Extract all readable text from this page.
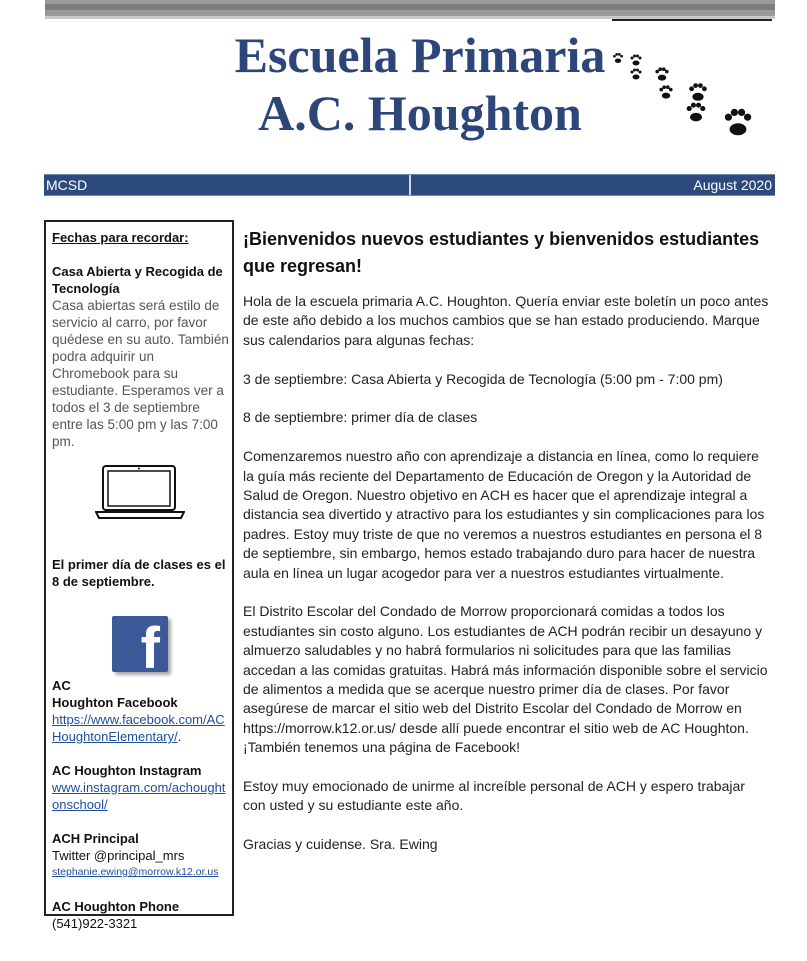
Escuela Primaria
A.C. Houghton
MCSD	August 2020
Fechas para recordar:
Casa Abierta y Recogida de Tecnología
Casa abiertas será estilo de servicio al carro, por favor quédese en su auto. También podra adquirir un Chromebook para su estudiante. Esperamos ver a todos el 3 de septiembre entre las 5:00 pm y las 7:00 pm.
El primer día de clases es el 8 de septiembre.
f
AC
Houghton Facebook
https://www.facebook.com/ACHoughtonElementary/.
AC Houghton Instagram
www.instagram.com/achoughtonschool/
ACH Principal
Twitter @principal_mrs
stephanie.ewing@morrow.k12.or.us
AC Houghton Phone
(541)922-3321
¡Bienvenidos nuevos estudiantes y bienvenidos estudiantes que regresan!

Hola de la escuela primaria A.C. Houghton. Quería enviar este boletín un poco antes de este año debido a los muchos cambios que se han estado produciendo. Marque sus calendarios para algunas fechas:

3 de septiembre: Casa Abierta y Recogida de Tecnología (5:00 pm - 7:00 pm)

8 de septiembre: primer día de clases

Comenzaremos nuestro año con aprendizaje a distancia en línea, como lo requiere la guía más reciente del Departamento de Educación de Oregon y la Autoridad de Salud de Oregon. Nuestro objetivo en ACH es hacer que el aprendizaje integral a distancia sea divertido y atractivo para los estudiantes y sin complicaciones para los padres. Estoy muy triste de que no veremos a nuestros estudiantes en persona el 8 de septiembre, sin embargo, hemos estado trabajando duro para hacer de nuestra aula en línea un lugar acogedor para ver a nuestros estudiantes virtualmente.

El Distrito Escolar del Condado de Morrow proporcionará comidas a todos los estudiantes sin costo alguno. Los estudiantes de ACH podrán recibir un desayuno y almuerzo saludables y no habrá formularios ni solicitudes para que las familias accedan a las comidas gratuitas. Habrá más información disponible sobre el servicio de alimentos a medida que se acerque nuestro primer día de clases. Por favor asegúrese de marcar el sitio web del Distrito Escolar del Condado de Morrow en https://morrow.k12.or.us/ desde allí puede encontrar el sitio web de AC Houghton. ¡También tenemos una página de Facebook!

Estoy muy emocionado de unirme al increíble personal de ACH y espero trabajar con usted y su estudiante este año.

Gracias y cuidense. Sra. Ewing
